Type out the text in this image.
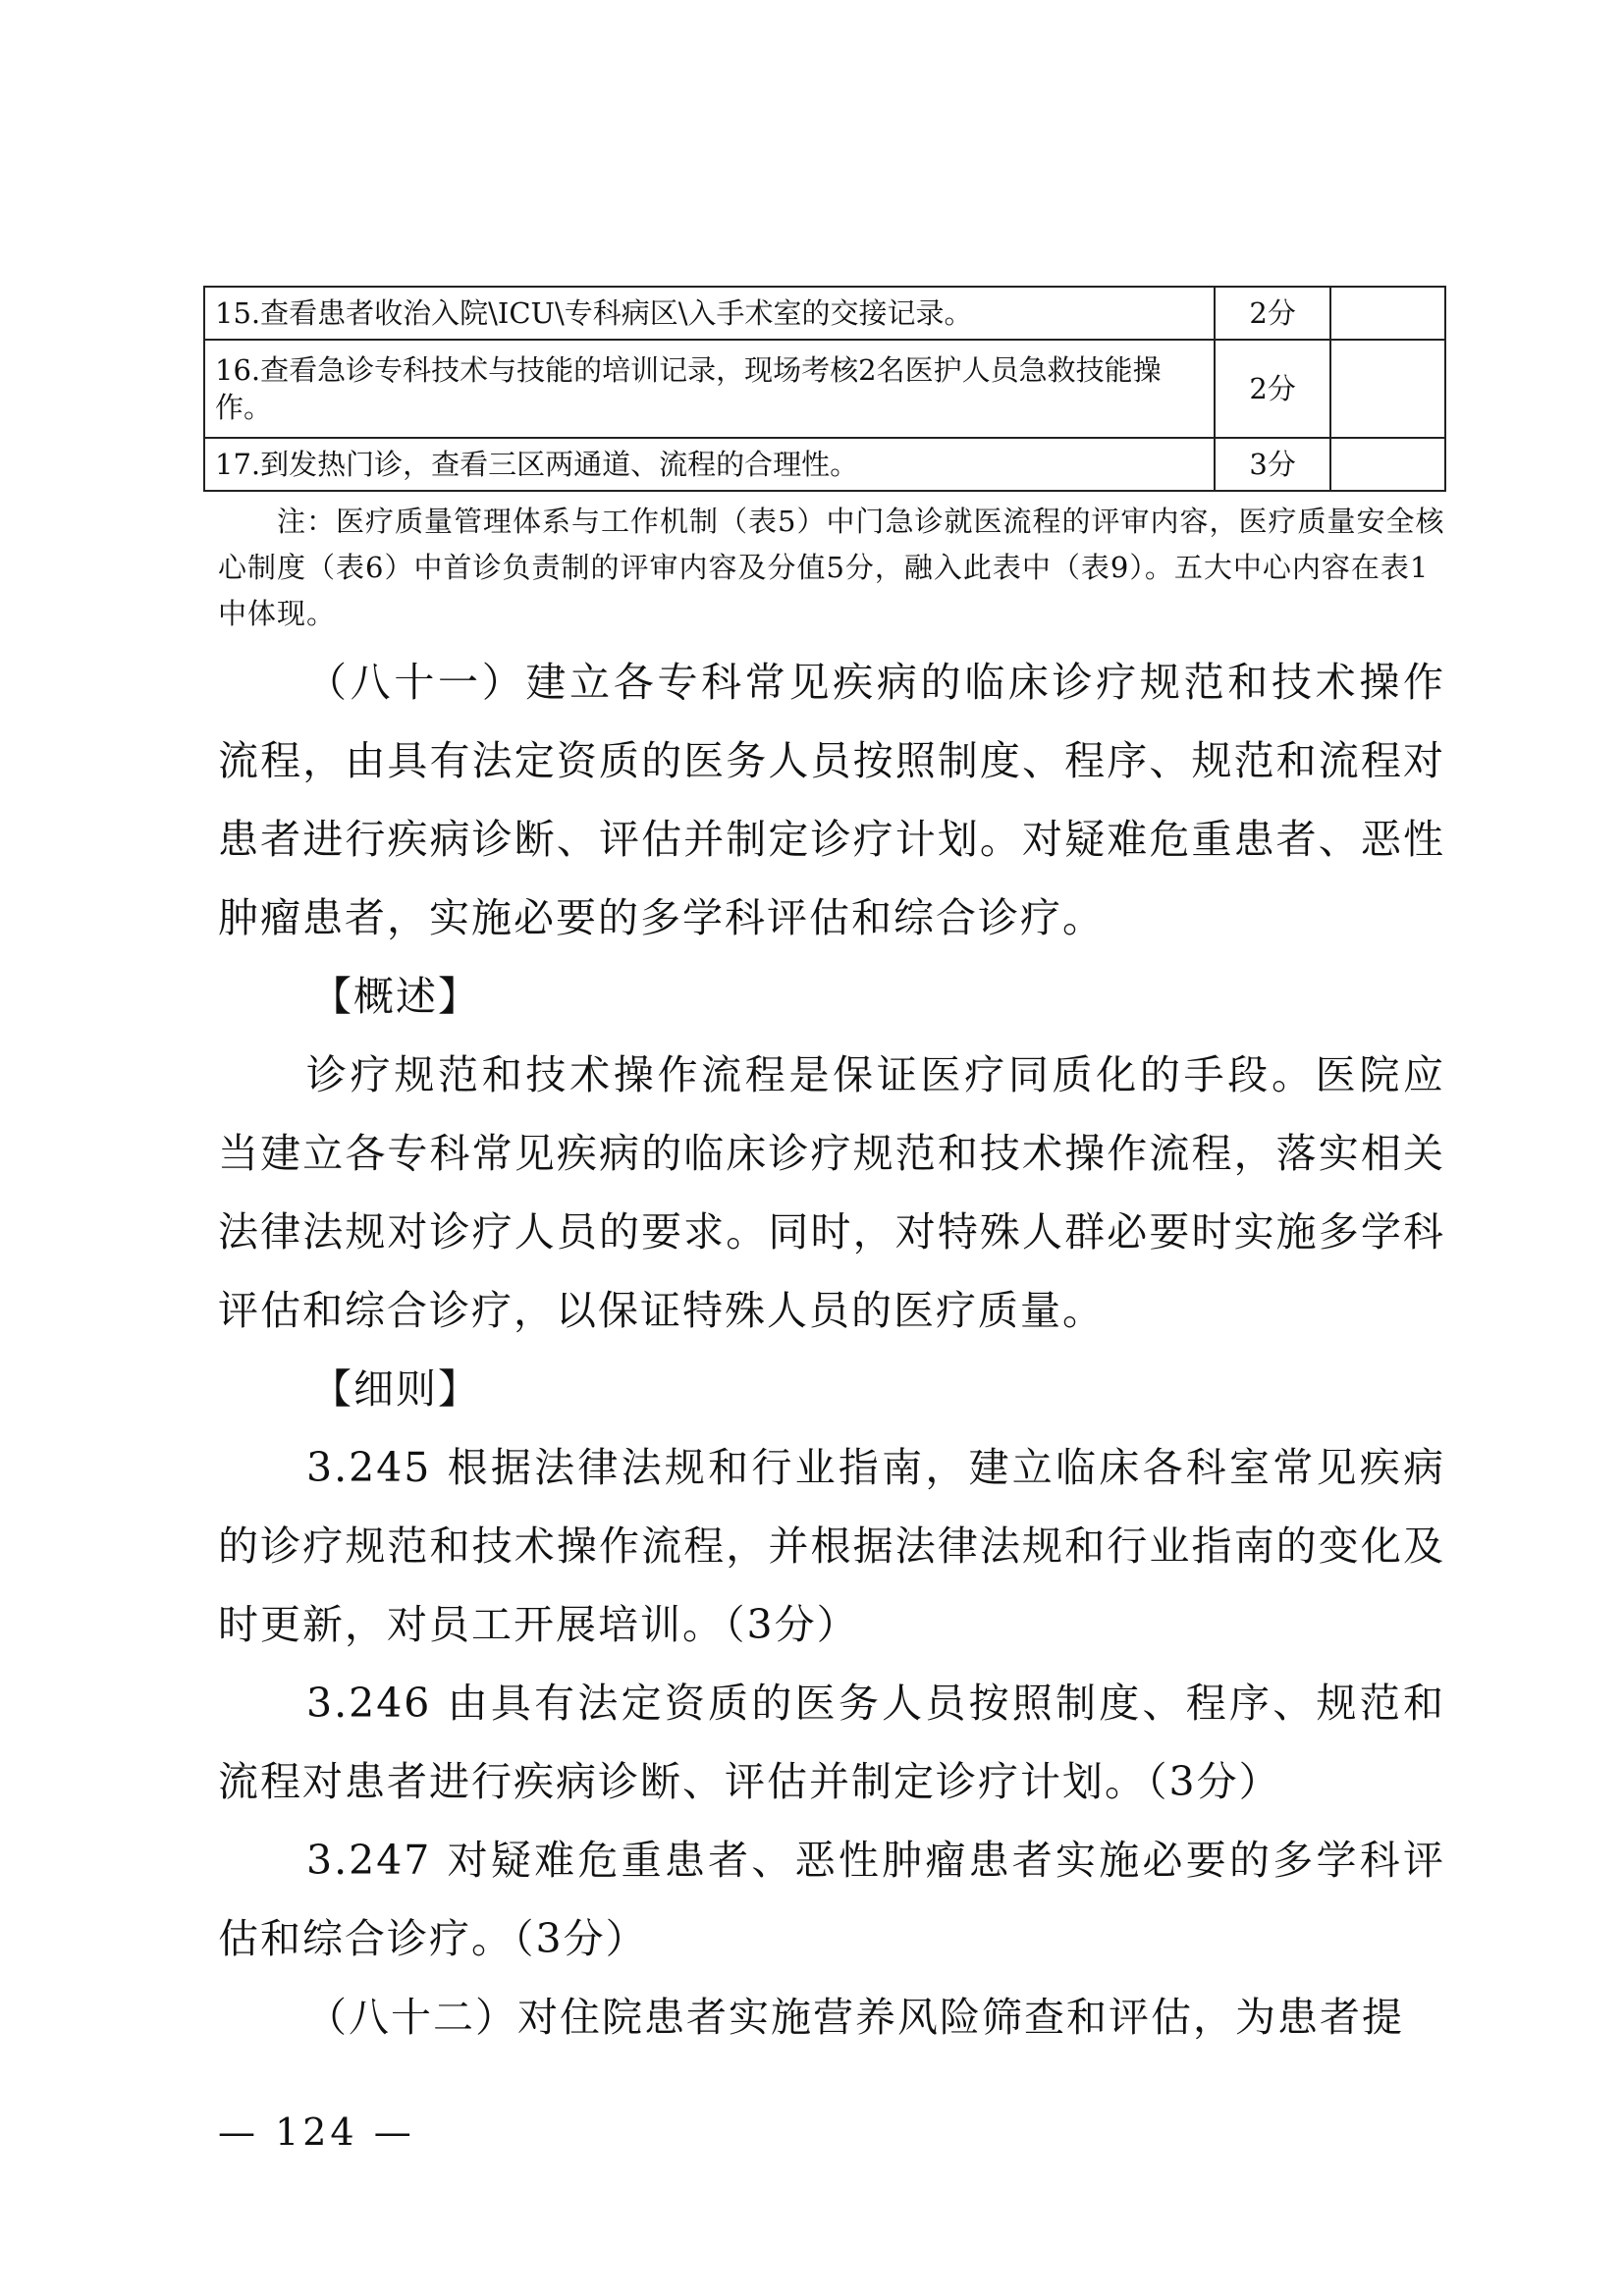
15.查看患者收治入院\ICU\专科病区\入手术室的交接记录。	2分	
16.查看急诊专科技术与技能的培训记录，现场考核2名医护人员急救技能操作。	2分	
17.到发热门诊，查看三区两通道、流程的合理性。	3分	

注：医疗质量管理体系与工作机制（表5）中门急诊就医流程的评审内容，医疗质量安全核心制度（表6）中首诊负责制的评审内容及分值5分，融入此表中（表9）。五大中心内容在表1中体现。

（八十一）建立各专科常见疾病的临床诊疗规范和技术操作流程，由具有法定资质的医务人员按照制度、程序、规范和流程对患者进行疾病诊断、评估并制定诊疗计划。对疑难危重患者、恶性肿瘤患者，实施必要的多学科评估和综合诊疗。

【概述】

诊疗规范和技术操作流程是保证医疗同质化的手段。医院应当建立各专科常见疾病的临床诊疗规范和技术操作流程，落实相关法律法规对诊疗人员的要求。同时，对特殊人群必要时实施多学科评估和综合诊疗，以保证特殊人员的医疗质量。

【细则】

3.245 根据法律法规和行业指南，建立临床各科室常见疾病的诊疗规范和技术操作流程，并根据法律法规和行业指南的变化及时更新，对员工开展培训。（3分）

3.246 由具有法定资质的医务人员按照制度、程序、规范和流程对患者进行疾病诊断、评估并制定诊疗计划。（3分）

3.247 对疑难危重患者、恶性肿瘤患者实施必要的多学科评估和综合诊疗。（3分）

（八十二）对住院患者实施营养风险筛查和评估，为患者提

— 124 —
